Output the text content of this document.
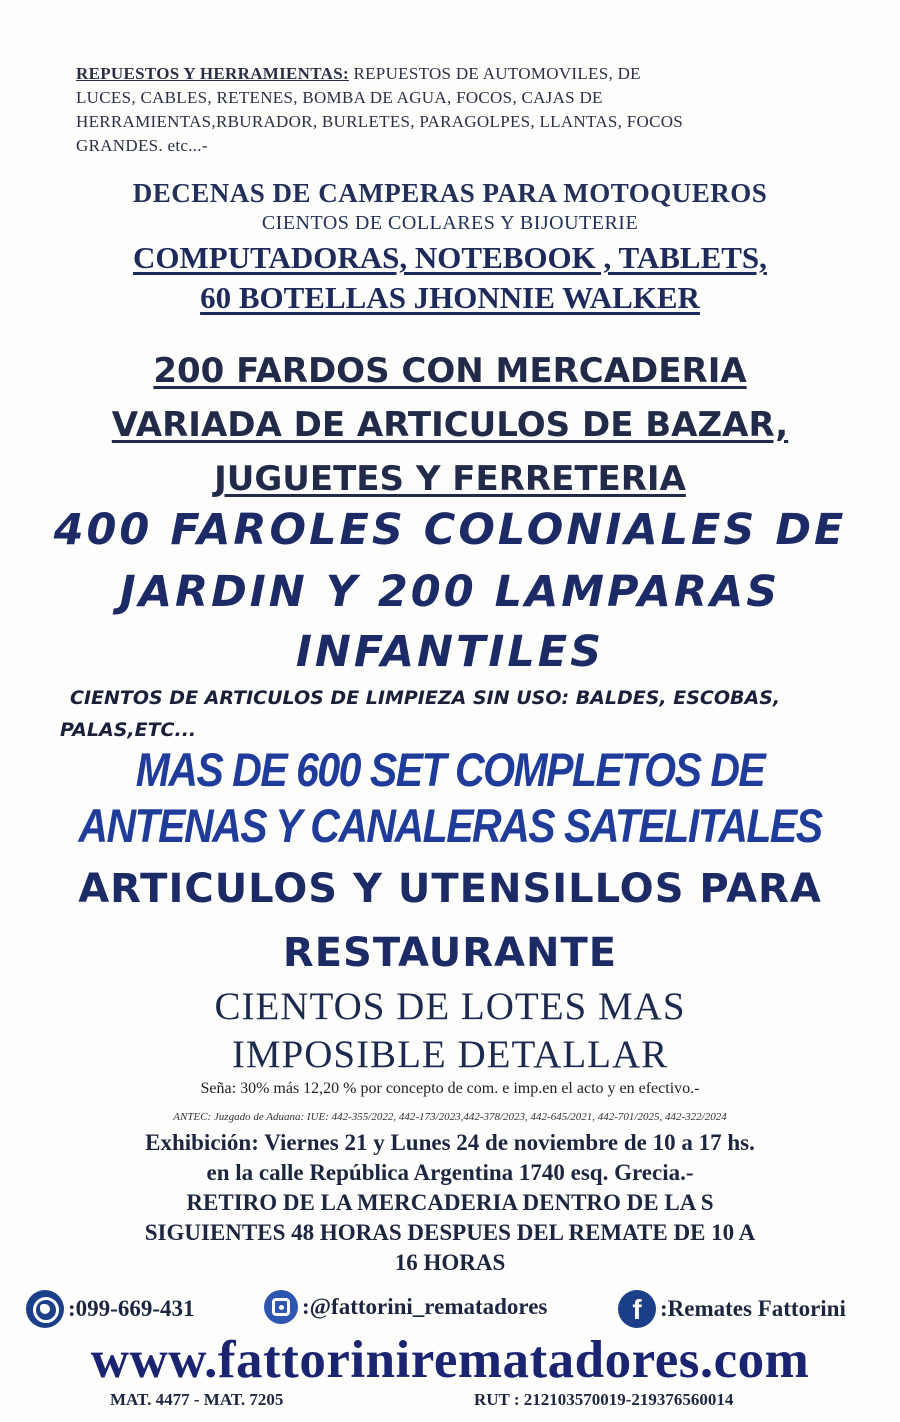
REPUESTOS Y HERRAMIENTAS: REPUESTOS DE AUTOMOVILES, DE
LUCES, CABLES, RETENES, BOMBA DE AGUA, FOCOS, CAJAS DE
HERRAMIENTAS,RBURADOR, BURLETES, PARAGOLPES, LLANTAS, FOCOS
GRANDES. etc...-
DECENAS DE CAMPERAS PARA MOTOQUEROS
CIENTOS DE COLLARES Y BIJOUTERIE
COMPUTADORAS, NOTEBOOK , TABLETS,
60 BOTELLAS JHONNIE WALKER
200 FARDOS CON MERCADERIA
VARIADA DE ARTICULOS DE BAZAR,
JUGUETES Y FERRETERIA
400 FAROLES COLONIALES DE
JARDIN Y 200 LAMPARAS
INFANTILES
CIENTOS DE ARTICULOS DE LIMPIEZA SIN USO: BALDES, ESCOBAS,
PALAS,ETC...
MAS DE 600 SET COMPLETOS DE
ANTENAS Y CANALERAS SATELITALES
ARTICULOS Y UTENSILLOS PARA
RESTAURANTE
CIENTOS DE LOTES MAS
IMPOSIBLE DETALLAR
Seña: 30% más 12,20 % por concepto de com. e imp.en el acto y en efectivo.-
ANTEC: Juzgado de Aduana: IUE: 442-355/2022, 442-173/2023,442-378/2023, 442-645/2021, 442-701/2025, 442-322/2024
Exhibición: Viernes 21 y Lunes 24 de noviembre de 10 a 17 hs.
en la calle República Argentina 1740 esq. Grecia.-
RETIRO DE LA MERCADERIA DENTRO DE LA S
SIGUIENTES 48 HORAS DESPUES DEL REMATE DE 10 A
16 HORAS
:099-669-431	:@fattorini_rematadores	f :Remates Fattorini
www.fattorinirematadores.com
MAT. 4477 - MAT. 7205	RUT : 212103570019-219376560014
